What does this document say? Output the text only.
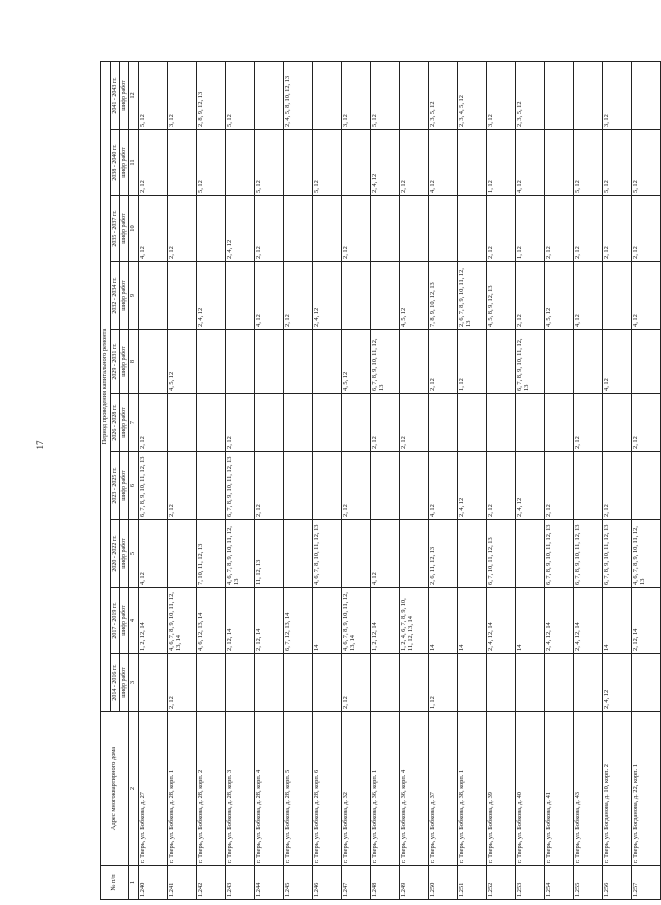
17
№ п/п	Адрес многоквартирного дома	Период проведения капитального ремонта									
		2014 - 2016 гг.	2017 - 2019 гг.	2020 - 2022 гг.	2023 - 2025 гг.	2026 - 2028 гг.	2029 - 2031 гг.	2032 - 2034 гг.	2035 - 2037 гг.	2038 - 2040 гг.	2041 - 2043 гг.
		шифр работ	шифр работ	шифр работ	шифр работ	шифр работ	шифр работ	шифр работ	шифр работ	шифр работ	шифр работ
1	2	3	4	5	6	7	8	9	10	11	12
1.240	г. Тверь, ул. Бобкова, д. 27		1, 2, 12, 14	4, 12	6, 7, 8, 9, 10, 11, 12, 13	2, 12			4, 12	2, 12	5, 12
1.241	г. Тверь, ул. Бобкова, д. 28, корп. 1	2, 12	4, 6, 7, 8, 9, 10, 11, 12, 13, 14		2, 12		4, 5, 12		2, 12		3, 12
1.242	г. Тверь, ул. Бобкова, д. 28, корп. 2		4, 6, 12, 13, 14	7, 10, 11, 12, 13				2, 4, 12		5, 12	2, 8, 9, 12, 13
1.243	г. Тверь, ул. Бобкова, д. 28, корп. 3		2, 12, 14	4, 6, 7, 8, 9, 10, 11, 12, 13	6, 7, 8, 9, 10, 11, 12, 13	2, 12			2, 4, 12		5, 12
1.244	г. Тверь, ул. Бобкова, д. 28, корп. 4		2, 12, 14	11, 12, 13	2, 12			4, 12	2, 12	5, 12	
1.245	г. Тверь, ул. Бобкова, д. 28, корп. 5		6, 7, 12, 13, 14					2, 12			2, 4, 5, 8, 10, 12, 13
1.246	г. Тверь, ул. Бобкова, д. 28, корп. 6		14	4, 6, 7, 8, 10, 11, 12, 13				2, 4, 12		5, 12	
1.247	г. Тверь, ул. Бобкова, д. 32	2, 12	4, 6, 7, 8, 9, 10, 11, 12, 13, 14		2, 12		4, 5, 12		2, 12		3, 12
1.248	г. Тверь, ул. Бобкова, д. 36, корп. 1		1, 2, 12, 14	4, 12		2, 12	6, 7, 8, 9, 10, 11, 12, 13			2, 4, 12	5, 12
1.249	г. Тверь, ул. Бобкова, д. 36, корп. 4		1, 2, 4, 6, 7, 8, 9, 10, 11, 12, 13, 14			2, 12		4, 5, 12		2, 12	
1.250	г. Тверь, ул. Бобкова, д. 37	1, 12	14	2, 6, 11, 12, 13	4, 12		2, 12	7, 8, 9, 10, 12, 13		4, 12	2, 3, 5, 12
1.251	г. Тверь, ул. Бобкова, д. 38, корп. 1		14		2, 4, 12		1, 12	2, 6, 7, 8, 9, 10, 11, 12, 13			2, 3, 4, 5, 12
1.252	г. Тверь, ул. Бобкова, д. 39		2, 4, 12, 14	6, 7, 10, 11, 12, 13	2, 12			4, 5, 8, 9, 12, 13	2, 12	1, 12	3, 12
1.253	г. Тверь, ул. Бобкова, д. 40		14		2, 4, 12		6, 7, 8, 9, 10, 11, 12, 13	2, 12	1, 12	4, 12	2, 3, 5, 12
1.254	г. Тверь, ул. Бобкова, д. 41		2, 4, 12, 14	6, 7, 8, 9, 10, 11, 12, 13	2, 12			4, 5, 12	2, 12		
1.255	г. Тверь, ул. Бобкова, д. 43		2, 4, 12, 14	6, 7, 8, 9, 10, 11, 12, 13		2, 12		4, 12	2, 12	5, 12	
1.256	г. Тверь, ул. Богданова, д. 10, корп. 2	2, 4, 12	14	6, 7, 8, 9, 10, 11, 12, 13	2, 12		4, 12		2, 12	5, 12	3, 12
1.257	г. Тверь, ул. Богданова, д. 22, корп. 1		2, 12, 14	4, 6, 7, 8, 9, 10, 11, 12, 13		2, 12		4, 12	2, 12	5, 12	
